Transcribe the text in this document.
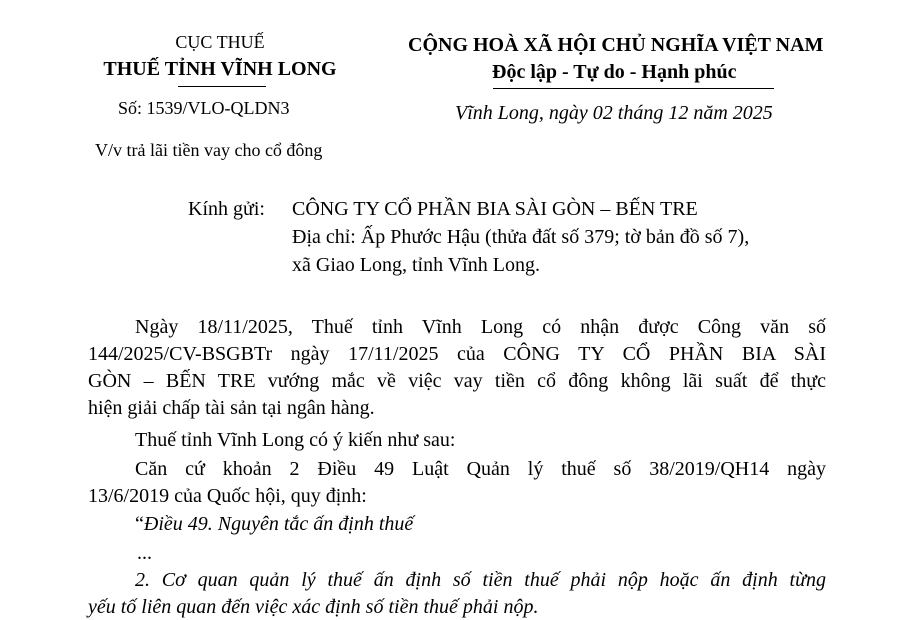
CỤC THUẾ
THUẾ TỈNH VĨNH LONG
Số: 1539/VLO-QLDN3
V/v trả lãi tiền vay cho cổ đông
CỘNG HOÀ XÃ HỘI CHỦ NGHĨA VIỆT NAM
Độc lập - Tự do - Hạnh phúc
Vĩnh Long, ngày 02 tháng 12 năm 2025
Kính gửi: CÔNG TY CỔ PHẦN BIA SÀI GÒN – BẾN TRE
Địa chỉ: Ấp Phước Hậu (thửa đất số 379; tờ bản đồ số 7),
xã Giao Long, tỉnh Vĩnh Long.
Ngày 18/11/2025, Thuế tỉnh Vĩnh Long có nhận được Công văn số
144/2025/CV-BSGBTr ngày 17/11/2025 của CÔNG TY CỔ PHẦN BIA SÀI
GÒN – BẾN TRE vướng mắc về việc vay tiền cổ đông không lãi suất để thực
hiện giải chấp tài sản tại ngân hàng.
Thuế tỉnh Vĩnh Long có ý kiến như sau:
Căn cứ khoản 2 Điều 49 Luật Quản lý thuế số 38/2019/QH14 ngày
13/6/2019 của Quốc hội, quy định:
“Điều 49. Nguyên tắc ấn định thuế
...
2. Cơ quan quản lý thuế ấn định số tiền thuế phải nộp hoặc ấn định từng
yếu tố liên quan đến việc xác định số tiền thuế phải nộp.
